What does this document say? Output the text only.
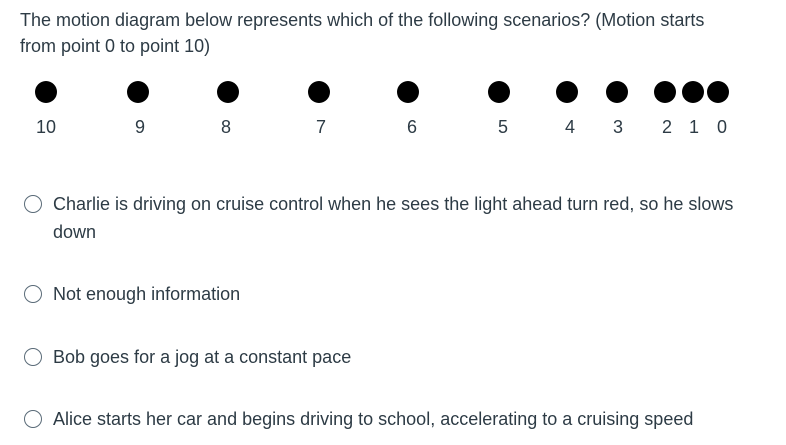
The motion diagram below represents which of the following scenarios? (Motion starts from point 0 to point 10)

10	9	8	7	6	5	4	3	2 1 0
Charlie is driving on cruise control when he sees the light ahead turn red, so he slows down
Not enough information
Bob goes for a jog at a constant pace
Alice starts her car and begins driving to school, accelerating to a cruising speed
